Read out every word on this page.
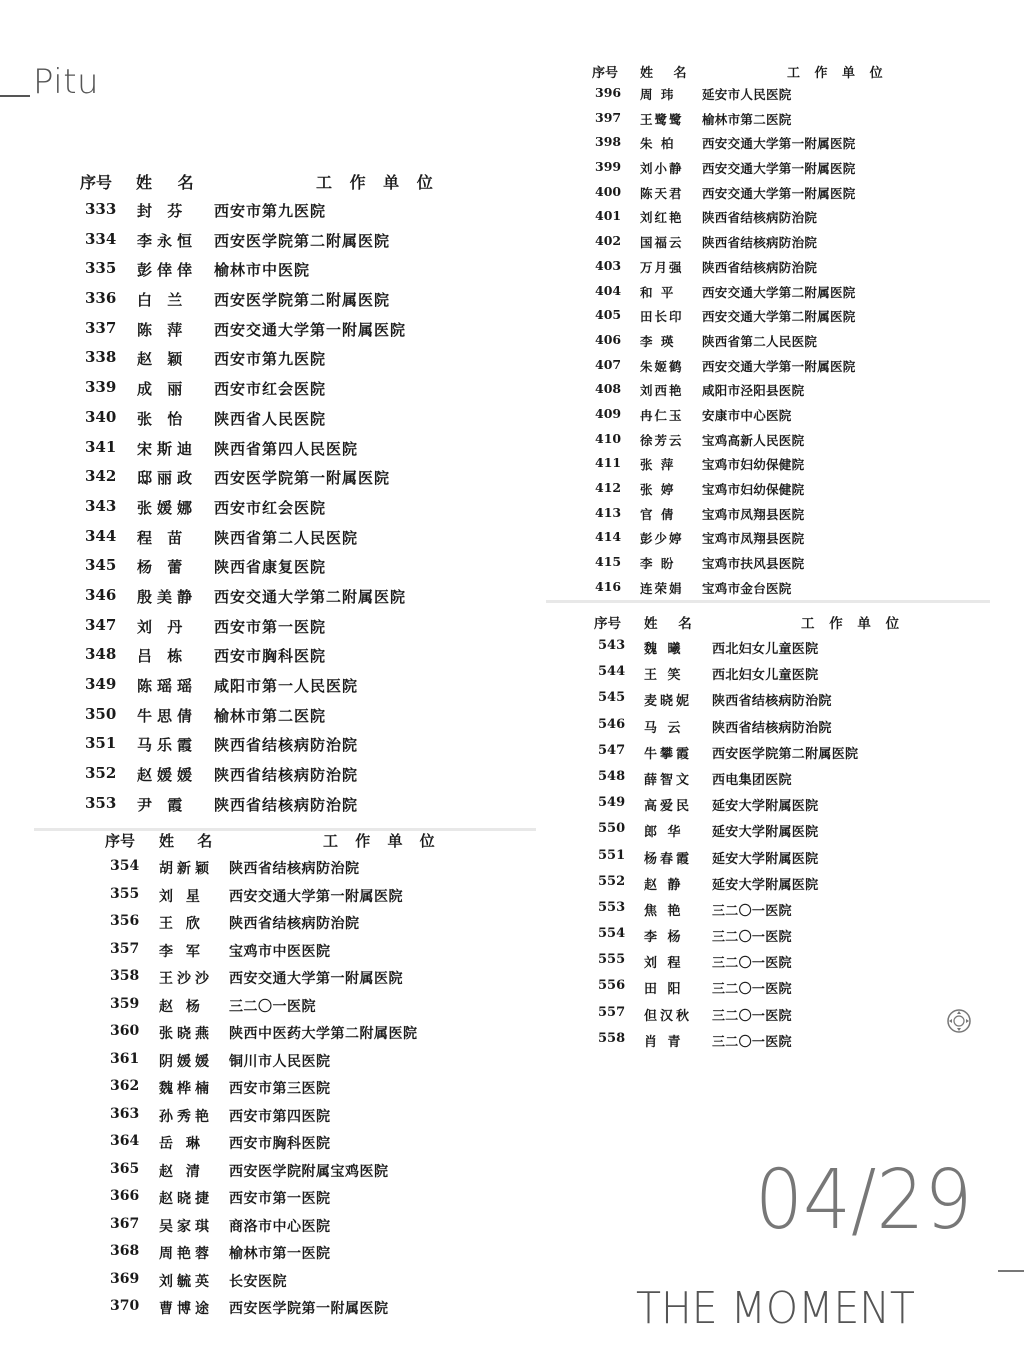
Pitu
序号 姓 名	工 作 单 位
333 封 芬 西安市第九医院
334 李永恒 西安医学院第二附属医院
335 彭倖倖 榆林市中医院
336 白 兰 西安医学院第二附属医院
337 陈 萍 西安交通大学第一附属医院
338 赵 颖 西安市第九医院
339 成 丽 西安市红会医院
340 张 怡 陕西省人民医院
341 宋斯迪 陕西省第四人民医院
342 邸丽政 西安医学院第一附属医院
343 张媛娜 西安市红会医院
344 程 苗 陕西省第二人民医院
345 杨 蕾 陕西省康复医院
346 殷美静 西安交通大学第二附属医院
347 刘 丹 西安市第一医院
348 吕 栋 西安市胸科医院
349 陈瑶瑶 咸阳市第一人民医院
350 牛思倩 榆林市第二医院
351 马乐霞 陕西省结核病防治院
352 赵媛媛 陕西省结核病防治院
353 尹 霞 陕西省结核病防治院
序号 姓 名	工 作 单 位
354 胡新颖 陕西省结核病防治院
355 刘 星 西安交通大学第一附属医院
356 王 欣 陕西省结核病防治院
357 李 军 宝鸡市中医医院
358 王沙沙 西安交通大学第一附属医院
359 赵 杨 三二〇一医院
360 张晓燕 陕西中医药大学第二附属医院
361 阴媛媛 铜川市人民医院
362 魏桦楠 西安市第三医院
363 孙秀艳 西安市第四医院
364 岳 琳 西安市胸科医院
365 赵 清 西安医学院附属宝鸡医院
366 赵晓捷 西安市第一医院
367 吴家琪 商洛市中心医院
368 周艳蓉 榆林市第一医院
369 刘毓英 长安医院
370 曹博途 西安医学院第一附属医院
序号 姓 名	工 作 单 位
396 周 玮 延安市人民医院
397 王鹭鹭 榆林市第二医院
398 朱 柏 西安交通大学第一附属医院
399 刘小静 西安交通大学第一附属医院
400 陈天君 西安交通大学第一附属医院
401 刘红艳 陕西省结核病防治院
402 国福云 陕西省结核病防治院
403 万月强 陕西省结核病防治院
404 和 平 西安交通大学第二附属医院
405 田长印 西安交通大学第二附属医院
406 李 瑛 陕西省第二人民医院
407 朱姬鹤 西安交通大学第一附属医院
408 刘西艳 咸阳市泾阳县医院
409 冉仁玉 安康市中心医院
410 徐芳云 宝鸡高新人民医院
411 张 萍 宝鸡市妇幼保健院
412 张 婷 宝鸡市妇幼保健院
413 官 倩 宝鸡市凤翔县医院
414 彭少婷 宝鸡市凤翔县医院
415 李 盼 宝鸡市扶风县医院
416 连荣娟 宝鸡市金台医院
序号 姓 名	工 作 单 位
543 魏 曦 西北妇女儿童医院
544 王 笑 西北妇女儿童医院
545 麦晓妮 陕西省结核病防治院
546 马 云 陕西省结核病防治院
547 牛攀霞 西安医学院第二附属医院
548 薛智文 西电集团医院
549 高爱民 延安大学附属医院
550 郎 华 延安大学附属医院
551 杨春霞 延安大学附属医院
552 赵 静 延安大学附属医院
553 焦 艳 三二〇一医院
554 李 杨 三二〇一医院
555 刘 程 三二〇一医院
556 田 阳 三二〇一医院
557 但汉秋 三二〇一医院
558 肖 青 三二〇一医院
04/29
THE MOMENT
